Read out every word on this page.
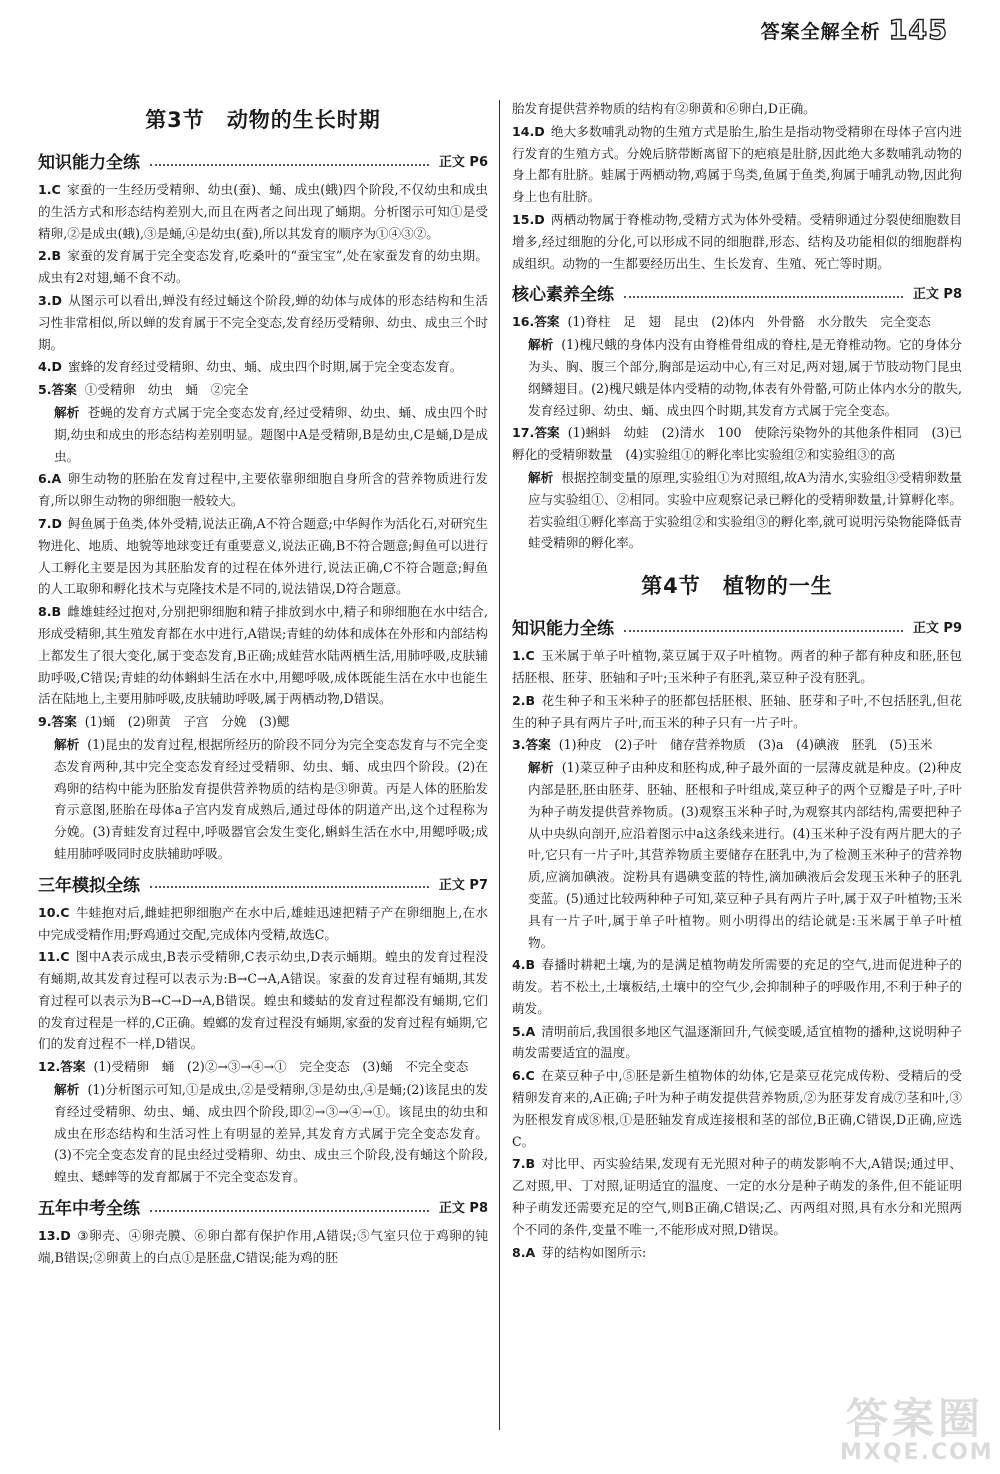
答案全解全析 145
第3节 动物的生长时期
知识能力全练	正文 P6

1.C 家蚕的一生经历受精卵、幼虫(蚕)、蛹、成虫(蛾)四个阶段,不仅幼虫和成虫的生活方式和形态结构差别大,而且在两者之间出现了蛹期。分析图示可知①是受精卵,②是成虫(蛾),③是蛹,④是幼虫(蚕),所以其发育的顺序为①④③②。

2.B 家蚕的发育属于完全变态发育,吃桑叶的“蚕宝宝”,处在家蚕发育的幼虫期。成虫有2对翅,蛹不食不动。

3.D 从图示可以看出,蝉没有经过蛹这个阶段,蝉的幼体与成体的形态结构和生活习性非常相似,所以蝉的发育属于不完全变态,发育经历受精卵、幼虫、成虫三个时期。

4.D 蜜蜂的发育经过受精卵、幼虫、蛹、成虫四个时期,属于完全变态发育。

5.答案 ①受精卵　幼虫　蛹　②完全

解析 苍蝇的发育方式属于完全变态发育,经过受精卵、幼虫、蛹、成虫四个时期,幼虫和成虫的形态结构差别明显。题图中A是受精卵,B是幼虫,C是蛹,D是成虫。

6.A 卵生动物的胚胎在发育过程中,主要依靠卵细胞自身所含的营养物质进行发育,所以卵生动物的卵细胞一般较大。

7.D 鲟鱼属于鱼类,体外受精,说法正确,A不符合题意;中华鲟作为活化石,对研究生物进化、地质、地貌等地球变迁有重要意义,说法正确,B不符合题意;鲟鱼可以进行人工孵化主要是因为其胚胎发育的过程在体外进行,说法正确,C不符合题意;鲟鱼的人工取卵和孵化技术与克隆技术是不同的,说法错误,D符合题意。

8.B 雌雄蛙经过抱对,分别把卵细胞和精子排放到水中,精子和卵细胞在水中结合,形成受精卵,其生殖发育都在水中进行,A错误;青蛙的幼体和成体在外形和内部结构上都发生了很大变化,属于变态发育,B正确;成蛙营水陆两栖生活,用肺呼吸,皮肤辅助呼吸,C错误;青蛙的幼体蝌蚪生活在水中,用鳃呼吸,成体既能生活在水中也能生活在陆地上,主要用肺呼吸,皮肤辅助呼吸,属于两栖动物,D错误。

9.答案 (1)蛹　(2)卵黄　子宫　分娩　(3)鳃

解析 (1)昆虫的发育过程,根据所经历的阶段不同分为完全变态发育与不完全变态发育两种,其中完全变态发育经过受精卵、幼虫、蛹、成虫四个阶段。(2)在鸡卵的结构中能为胚胎发育提供营养物质的结构是③卵黄。丙是人体的胚胎发育示意图,胚胎在母体a子宫内发育成熟后,通过母体的阴道产出,这个过程称为分娩。(3)青蛙发育过程中,呼吸器官会发生变化,蝌蚪生活在水中,用鳃呼吸;成蛙用肺呼吸同时皮肤辅助呼吸。

三年模拟全练	正文 P7

10.C 牛蛙抱对后,雌蛙把卵细胞产在水中后,雄蛙迅速把精子产在卵细胞上,在水中完成受精作用;野鸡通过交配,完成体内受精,故选C。

11.C 图中A表示成虫,B表示受精卵,C表示幼虫,D表示蛹期。蝗虫的发育过程没有蛹期,故其发育过程可以表示为:B→C→A,A错误。家蚕的发育过程有蛹期,其发育过程可以表示为B→C→D→A,B错误。蝗虫和蝼蛄的发育过程都没有蛹期,它们的发育过程是一样的,C正确。蝗螂的发育过程没有蛹期,家蚕的发育过程有蛹期,它们的发育过程不一样,D错误。

12.答案 (1)受精卵　蛹　(2)②→③→④→①　完全变态　(3)蛹　不完全变态

解析 (1)分析图示可知,①是成虫,②是受精卵,③是幼虫,④是蛹;(2)该昆虫的发育经过受精卵、幼虫、蛹、成虫四个阶段,即②→③→④→①。该昆虫的幼虫和成虫在形态结构和生活习性上有明显的差异,其发育方式属于完全变态发育。(3)不完全变态发育的昆虫经过受精卵、幼虫、成虫三个阶段,没有蛹这个阶段,蝗虫、蟋蟀等的发育都属于不完全变态发育。

五年中考全练	正文 P8

13.D ③卵壳、④卵壳膜、⑥卵白都有保护作用,A错误;⑤气室只位于鸡卵的钝端,B错误;②卵黄上的白点①是胚盘,C错误;能为鸡的胚

胎发育提供营养物质的结构有②卵黄和⑥卵白,D正确。

14.D 绝大多数哺乳动物的生殖方式是胎生,胎生是指动物受精卵在母体子宫内进行发育的生殖方式。分娩后脐带断离留下的疤痕是肚脐,因此绝大多数哺乳动物的身上都有肚脐。蛙属于两栖动物,鸡属于鸟类,鱼属于鱼类,狗属于哺乳动物,因此狗身上也有肚脐。

15.D 两栖动物属于脊椎动物,受精方式为体外受精。受精卵通过分裂使细胞数目增多,经过细胞的分化,可以形成不同的细胞群,形态、结构及功能相似的细胞群构成组织。动物的一生都要经历出生、生长发育、生殖、死亡等时期。

核心素养全练	正文 P8

16.答案 (1)脊柱　足　翅　昆虫　(2)体内　外骨骼　水分散失　完全变态

解析 (1)槐尺蛾的身体内没有由脊椎骨组成的脊柱,是无脊椎动物。它的身体分为头、胸、腹三个部分,胸部是运动中心,有三对足,两对翅,属于节肢动物门昆虫纲鳞翅目。(2)槐尺蛾是体内受精的动物,体表有外骨骼,可防止体内水分的散失,发育经过卵、幼虫、蛹、成虫四个时期,其发育方式属于完全变态。

17.答案 (1)蝌蚪　幼蛙　(2)清水　100　使除污染物外的其他条件相同　(3)已孵化的受精卵数量　(4)实验组①的孵化率比实验组②和实验组③的高

解析 根据控制变量的原理,实验组①为对照组,故A为清水,实验组③受精卵数量应与实验组①、②相同。实验中应观察记录已孵化的受精卵数量,计算孵化率。若实验组①孵化率高于实验组②和实验组③的孵化率,就可说明污染物能降低青蛙受精卵的孵化率。

第4节 植物的一生
知识能力全练	正文 P9

1.C 玉米属于单子叶植物,菜豆属于双子叶植物。两者的种子都有种皮和胚,胚包括胚根、胚芽、胚轴和子叶;玉米种子有胚乳,菜豆种子没有胚乳。

2.B 花生种子和玉米种子的胚都包括胚根、胚轴、胚芽和子叶,不包括胚乳,但花生的种子具有两片子叶,而玉米的种子只有一片子叶。

3.答案 (1)种皮　(2)子叶　储存营养物质　(3)a　(4)碘液　胚乳　(5)玉米

解析 (1)菜豆种子由种皮和胚构成,种子最外面的一层薄皮就是种皮。(2)种皮内部是胚,胚由胚芽、胚轴、胚根和子叶组成,菜豆种子的两个豆瓣是子叶,子叶为种子萌发提供营养物质。(3)观察玉米种子时,为观察其内部结构,需要把种子从中央纵向剖开,应沿着图示中a这条线来进行。(4)玉米种子没有两片肥大的子叶,它只有一片子叶,其营养物质主要储存在胚乳中,为了检测玉米种子的营养物质,应滴加碘液。淀粉具有遇碘变蓝的特性,滴加碘液后会发现玉米种子的胚乳变蓝。(5)通过比较两种种子可知,菜豆种子具有两片子叶,属于双子叶植物;玉米具有一片子叶,属于单子叶植物。则小明得出的结论就是:玉米属于单子叶植物。

4.B 春播时耕耙土壤,为的是满足植物萌发所需要的充足的空气,进而促进种子的萌发。若不松土,土壤板结,土壤中的空气少,会抑制种子的呼吸作用,不利于种子的萌发。

5.A 清明前后,我国很多地区气温逐渐回升,气候变暖,适宜植物的播种,这说明种子萌发需要适宜的温度。

6.C 在菜豆种子中,⑤胚是新生植物体的幼体,它是菜豆花完成传粉、受精后的受精卵发育来的,A正确;子叶为种子萌发提供营养物质,②为胚芽发育成⑦茎和叶,③为胚根发育成⑧根,①是胚轴发育成连接根和茎的部位,B正确,C错误,D正确,应选C。

7.B 对比甲、丙实验结果,发现有无光照对种子的萌发影响不大,A错误;通过甲、乙对照,甲、丁对照,证明适宜的温度、一定的水分是种子萌发的条件,但不能证明种子萌发还需要充足的空气,则B正确,C错误;乙、丙两组对照,具有水分和光照两个不同的条件,变量不唯一,不能形成对照,D错误。

8.A 芽的结构如图所示:

答案圈
MXQE.COM
